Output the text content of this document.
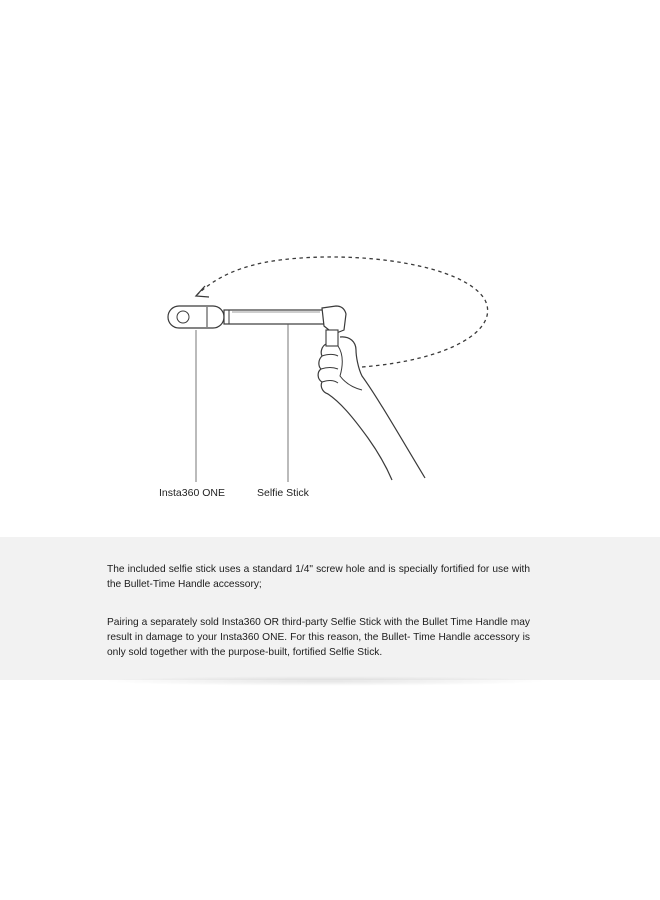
Insta360 ONE	Selfie Stick
The included selfie stick uses a standard 1/4" screw hole and is specially fortified for use with the Bullet-Time Handle accessory;
Pairing a separately sold Insta360 OR third-party Selfie Stick with the Bullet Time Handle may result in damage to your Insta360 ONE. For this reason, the Bullet- Time Handle accessory is only sold together with the purpose-built, fortified Selfie Stick.
